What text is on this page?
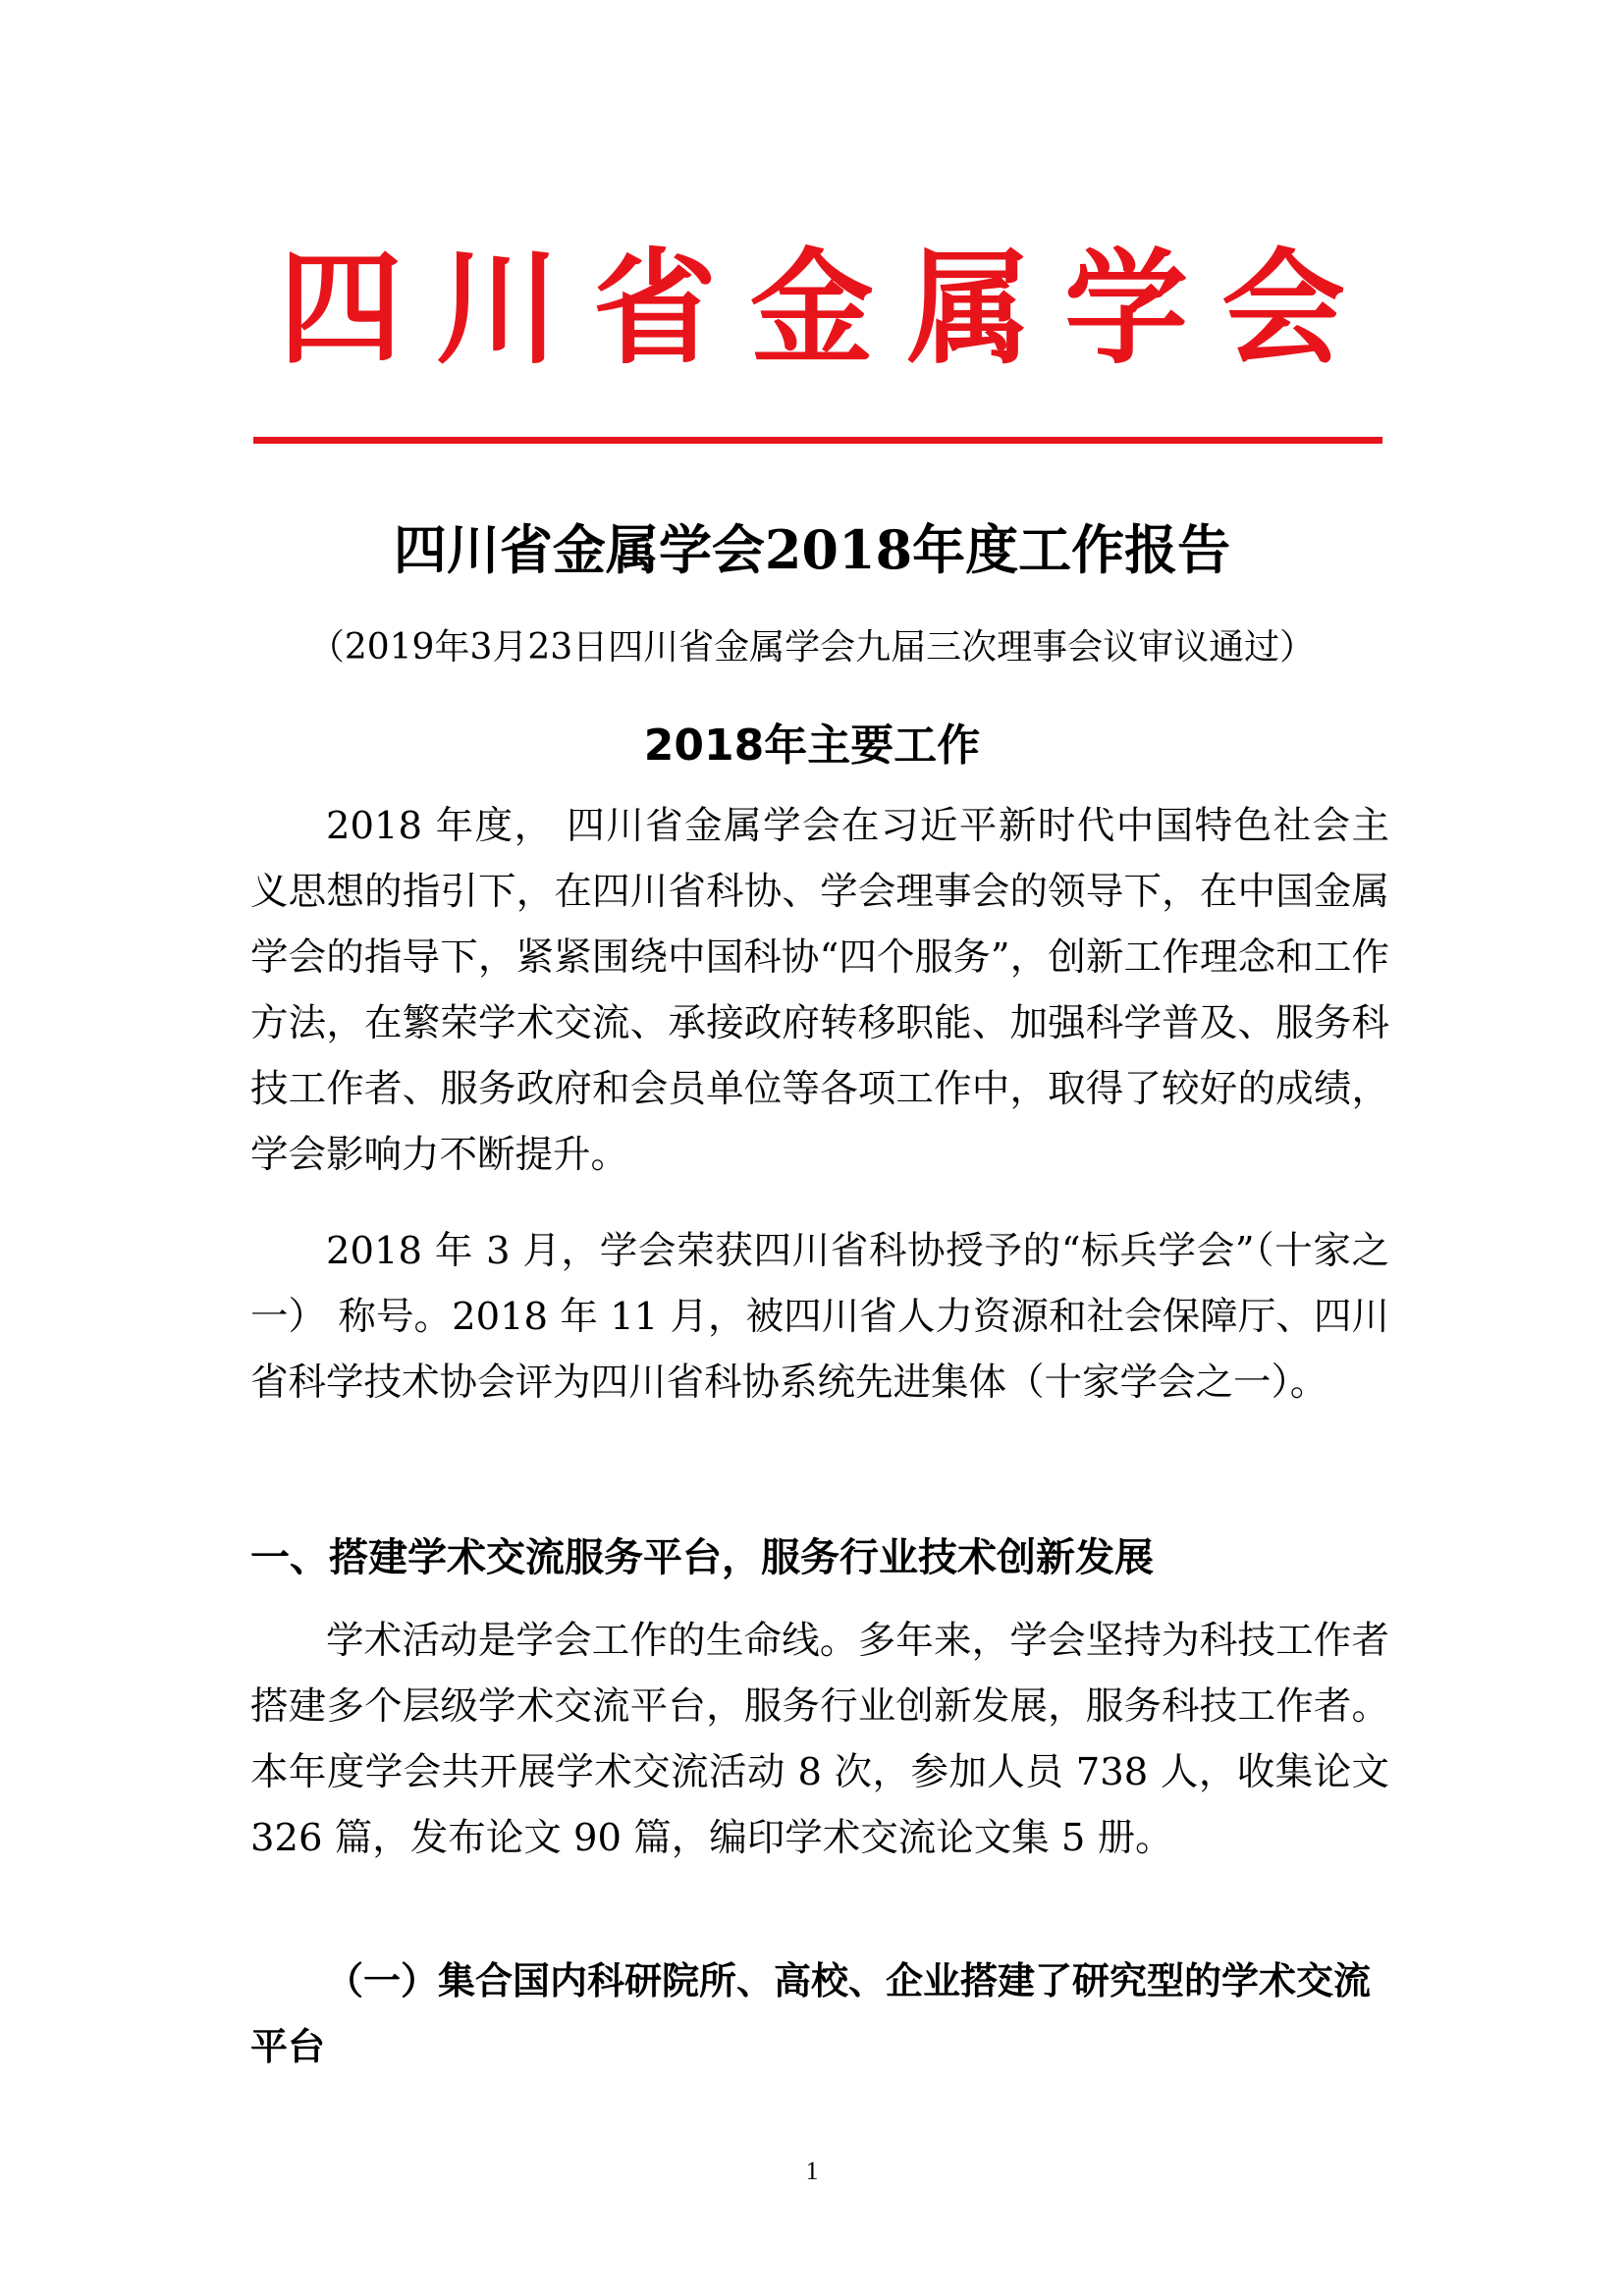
四川省金属学会
四川省金属学会2018年度工作报告
（2019年3月23日四川省金属学会九届三次理事会议审议通过）
2018年主要工作

2018 年度， 四川省金属学会在习近平新时代中国特色社会主义思想的指引下，在四川省科协、学会理事会的领导下，在中国金属学会的指导下，紧紧围绕中国科协“四个服务”，创新工作理念和工作方法，在繁荣学术交流、承接政府转移职能、加强科学普及、服务科技工作者、服务政府和会员单位等各项工作中，取得了较好的成绩，学会影响力不断提升。

2018 年 3 月，学会荣获四川省科协授予的“标兵学会”（十家之一） 称号。2018 年 11 月，被四川省人力资源和社会保障厅、四川省科学技术协会评为四川省科协系统先进集体（十家学会之一）。

一、搭建学术交流服务平台，服务行业技术创新发展

学术活动是学会工作的生命线。多年来，学会坚持为科技工作者搭建多个层级学术交流平台，服务行业创新发展，服务科技工作者。本年度学会共开展学术交流活动 8 次，参加人员 738 人，收集论文 326 篇，发布论文 90 篇，编印学术交流论文集 5 册。

（一）集合国内科研院所、高校、企业搭建了研究型的学术交流平台
1
